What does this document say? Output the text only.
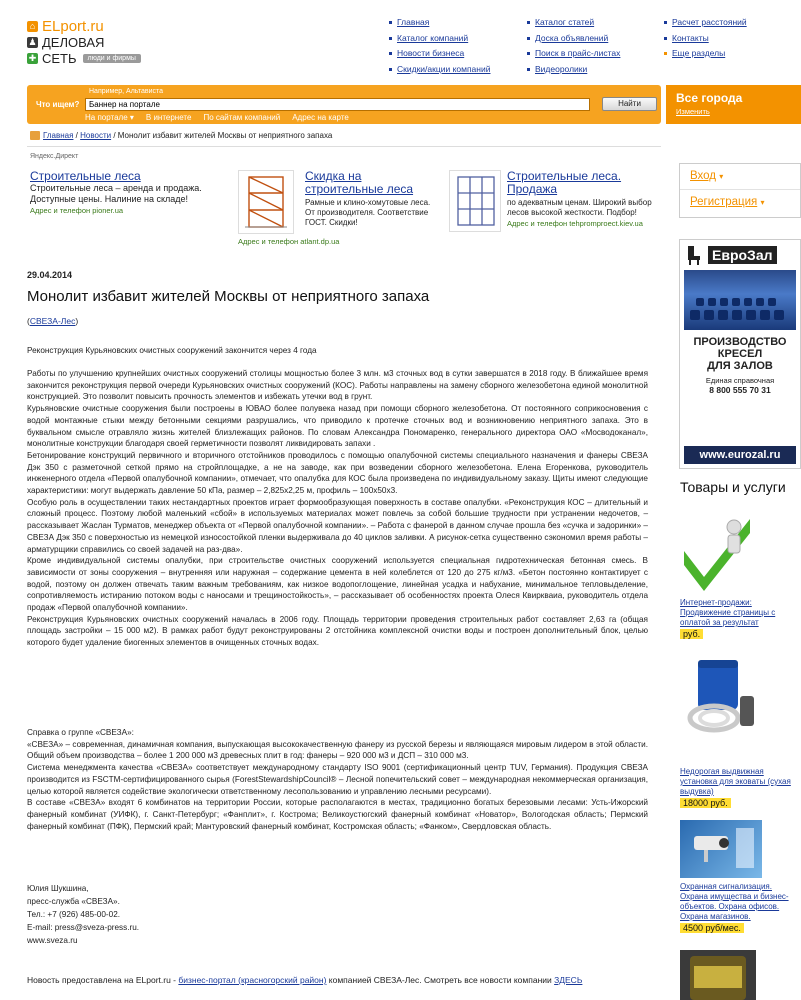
⌂ ELport.ru
♟ ДЕЛОВАЯ
✚ СЕТЬ	люди и фирмы
Главная
Каталог компаний
Новости бизнеса
Скидки/акции компаний
Каталог статей
Доска объявлений
Поиск в прайс-листах
Видеоролики
Расчет расстояний
Контакты
Еще разделы
Например, Альтависта
Что ищем?
Баннер на портале	Найти
На портале ▾ В интернете По сайтам компаний Адрес на карте
Все города
Изменить
Главная / Новости / Монолит избавит жителей Москвы от неприятного запаха
Яндекс.Директ
Строительные леса
Строительные леса – аренда и продажа. Доступные цены. Налиние на складе!
Адрес и телефон pioner.ua
Адрес и телефон atlant.dp.ua
Скидка на строительные леса
Рамные и клино-хомутовые леса. От производителя. Соответствие ГОСТ. Скидки!
Строительные леса. Продажа
по адекватным ценам. Широкий выбор лесов высокой жесткости. Подбор!
Адрес и телефон tehpromproect.kiev.ua
29.04.2014
Монолит избавит жителей Москвы от неприятного запаха
(СВЕЗА-Лес)
Реконструкция Курьяновских очистных сооружений закончится через 4 года

Работы по улучшению крупнейших очистных сооружений столицы мощностью более 3 млн. м3 сточных вод в сутки завершатся в 2018 году. В ближайшее время закончится реконструкция первой очереди Курьяновских очистных сооружений (КОС). Работы направлены на замену сборного железобетона единой монолитной конструкцией. Это позволит повысить прочность элементов и избежать утечки вод в грунт.

Курьяновские очистные сооружения были построены в ЮВАО более полувека назад при помощи сборного железобетона. От постоянного соприкосновения с водой монтажные стыки между бетонными секциями разрушались, что приводило к протечке сточных вод и возникновению неприятного запаха. Это в буквальном смысле отравляло жизнь жителей близлежащих районов. По словам Александра Пономаренко, генерального директора ОАО «Мосводоканал», монолитные конструкции благодаря своей герметичности позволят ликвидировать запахи .

Бетонирование конструкций первичного и вторичного отстойников проводилось с помощью опалубочной системы специального назначения и фанеры СВЕЗА Дэк 350 с разметочной сеткой прямо на стройплощадке, а не на заводе, как при возведении сборного железобетона. Елена Егоренкова, руководитель инженерного отдела «Первой опалубочной компании», отмечает, что опалубка для КОС была произведена по индивидуальному заказу. Щиты имеют следующие характеристики: могут выдержать давление 50 кПа, размер – 2,825х2,25 м, профиль – 100х50х3.

Особую роль в осуществлении таких нестандартных проектов играет формообразующая поверхность в составе опалубки. «Реконструкция КОС – длительный и сложный процесс. Поэтому любой маленький «сбой» в используемых материалах может повлечь за собой большие трудности при устранении недочетов, – рассказывает Жаслан Турматов, менеджер объекта от «Первой опалубочной компании». – Работа с фанерой в данном случае прошла без «сучка и задоринки» – СВЕЗА Дэк 350 с поверхностью из немецкой износостойкой пленки выдерживала до 40 циклов заливки. А рисунок-сетка существенно сэкономил время работы – арматурщики справились со своей задачей на раз-два».

Кроме индивидуальной системы опалубки, при строительстве очистных сооружений используется специальная гидротехническая бетонная смесь. В зависимости от зоны сооружения – внутренняя или наружная – содержание цемента в ней колеблется от 120 до 275 кг/м3. «Бетон постоянно контактирует с водой, поэтому он должен отвечать таким важным требованиям, как низкое водопоглощение, линейная усадка и набухание, минимальное тепловыделение, сопротивляемость истиранию потоком воды с наносами и трещиностойкость», – рассказывает об особенностях проекта Олеся Квиркваиа, руководитель отдела продаж «Первой опалубочной компании».

Реконструкция Курьяновских очистных сооружений началась в 2006 году. Площадь территории проведения строительных работ составляет 2,63 га (общая площадь застройки – 15 000 м2). В рамках работ будут реконструированы 2 отстойника комплексной очистки воды и построен дополнительный блок, целью которого будет удаление биогенных элементов в очищенных сточных водах.

Справка о группе «СВЕЗА»:

«СВЕЗА» – современная, динамичная компания, выпускающая высококачественную фанеру из русской березы и являющаяся мировым лидером в этой области. Общий объем производства – более 1 200 000 м3 древесных плит в год: фанеры – 920 000 м3 и ДСП – 310 000 м3.

Система менеджмента качества «СВЕЗА» соответствует международному стандарту ISO 9001 (сертификационный центр TUV, Германия). Продукция СВЕЗА производится из FSCTM-сертифицированного сырья (ForestStewardshipCouncil® – Лесной попечительский совет – международная некоммерческая организация, целью которой является содействие экологически ответственному лесопользованию и управлению лесными ресурсами).

В составе «СВЕЗА» входят 6 комбинатов на территории России, которые располагаются в местах, традиционно богатых березовыми лесами: Усть-Ижорский фанерный комбинат (УИФК), г. Санкт-Петербург; «Фанплит», г. Кострома; Великоустюгский фанерный комбинат «Новатор», Вологодская область; Пермский фанерный комбинат (ПФК), Пермский край; Мантуровский фанерный комбинат, Костромская область; «Фанком», Свердловская область.

Юлия Шукшина,

пресс-служба «СВЕЗА».

Тел.: +7 (926) 485-00-02.

E-mail: press@sveza-press.ru.

www.sveza.ru

Новость предоставлена на ELport.ru - бизнес-портал (красногорский район) компанией СВЕЗА-Лес. Смотреть все новости компании ЗДЕСЬ
Вход ▾
Регистрация ▾
ЕвроЗал
ПРОИЗВОДСТВО
КРЕСЕЛ
ДЛЯ ЗАЛОВ
Единая справочная
8 800 555 70 31
www.eurozal.ru
Товары и услуги
Интернет-продажи: Продвижение страницы с оплатой за результат
руб.
Недорогая выдвижная установка для эковаты (сухая выдувка)
18000 руб.
Охранная сигнализация. Охрана имущества и бизнес-объектов. Охрана офисов. Охрана магазинов.
4500 руб/мес.
